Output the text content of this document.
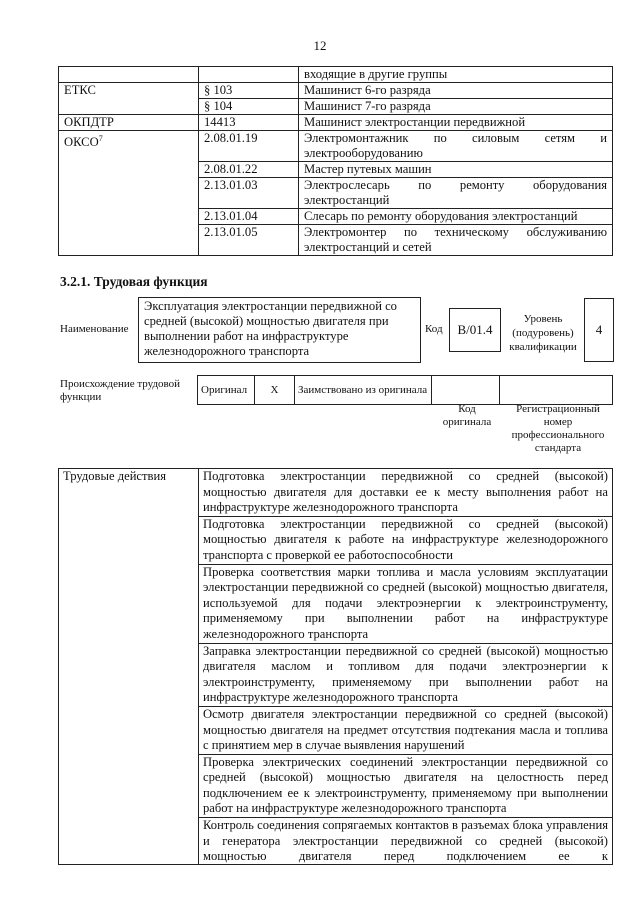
12
		входящие в другие группы
ЕТКС	§ 103	Машинист 6-го разряда
	§ 104	Машинист 7-го разряда
ОКПДТР	14413	Машинист электростанции передвижной
ОКСО$^7$	2.08.01.19	Электромонтажник по силовым сетям и электрооборудованию
	2.08.01.22	Мастер путевых машин
	2.13.01.03	Электрослесарь по ремонту оборудования электростанций
	2.13.01.04	Слесарь по ремонту оборудования электростанций
	2.13.01.05	Электромонтер по техническому обслуживанию электростанций и сетей
3.2.1. Трудовая функция
Наименование
Эксплуатация электростанции передвижной со средней (высокой) мощностью двигателя при выполнении работ на инфраструктуре железнодорожного транспорта
Код	B/01.4
Уровень (подуровень) квалификации
4
Происхождение трудовой функции
Оригинал	X	Заимствовано из оригинала		
Код оригинала
Регистрационный номер профессионального стандарта
Трудовые действия	Подготовка электростанции передвижной со средней (высокой) мощностью двигателя для доставки ее к месту выполнения работ на инфраструктуре железнодорожного транспорта
Подготовка электростанции передвижной со средней (высокой) мощностью двигателя к работе на инфраструктуре железнодорожного транспорта с проверкой ее работоспособности
Проверка соответствия марки топлива и масла условиям эксплуатации электростанции передвижной со средней (высокой) мощностью двигателя, используемой для подачи электроэнергии к электроинструменту, применяемому при выполнении работ на инфраструктуре железнодорожного транспорта
Заправка электростанции передвижной со средней (высокой) мощностью двигателя маслом и топливом для подачи электроэнергии к электроинструменту, применяемому при выполнении работ на инфраструктуре железнодорожного транспорта
Осмотр двигателя электростанции передвижной со средней (высокой) мощностью двигателя на предмет отсутствия подтекания масла и топлива с принятием мер в случае выявления нарушений
Проверка электрических соединений электростанции передвижной со средней (высокой) мощностью двигателя на целостность перед подключением ее к электроинструменту, применяемому при выполнении работ на инфраструктуре железнодорожного транспорта

Контроль соединения сопрягаемых контактов в разъемах блока управления и генератора электростанции передвижной со средней (высокой) мощностью двигателя перед подключением ее к
